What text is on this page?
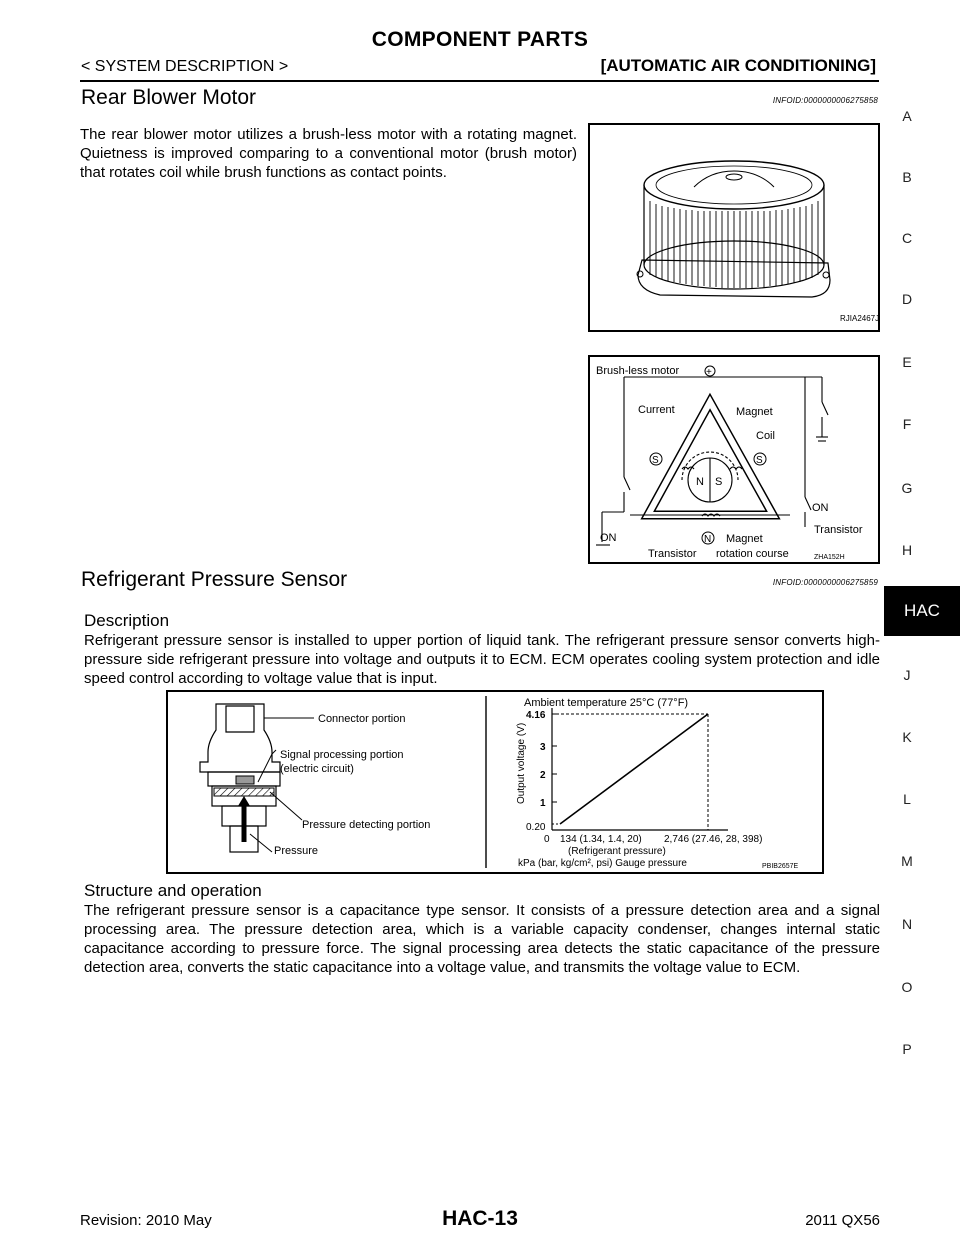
COMPONENT PARTS
< SYSTEM DESCRIPTION >	[AUTOMATIC AIR CONDITIONING]
Rear Blower Motor	INFOID:0000000006275858
The rear blower motor utilizes a brush-less motor with a rotating magnet. Quietness is improved comparing to a conventional motor (brush motor) that rotates coil while brush functions as contact points.
RJIA2467J
+
Brush-less motor
Current	Magnet
Coil
N S
ON
Transistor
ON
Transistor
Magnet
rotation course
S	S
N
ZHA152H
Refrigerant Pressure Sensor	INFOID:0000000006275859
Description
Refrigerant pressure sensor is installed to upper portion of liquid tank. The refrigerant pressure sensor converts high-pressure side refrigerant pressure into voltage and outputs it to ECM. ECM operates cooling system protection and idle speed control according to voltage value that is input.
Connector portion
Signal processing portion
(electric circuit)
Pressure detecting portion
Pressure
Ambient temperature 25°C (77°F)
Output voltage (V)
4.16
3
2
1
0.20
0 134 (1.34, 1.4, 20) 2,746 (27.46, 28, 398)
(Refrigerant pressure)
kPa (bar, kg/cm², psi) Gauge pressure	PBIB2657E
Structure and operation
The refrigerant pressure sensor is a capacitance type sensor. It consists of a pressure detection area and a signal processing area. The pressure detection area, which is a variable capacity condenser, changes internal static capacitance according to pressure force. The signal processing area detects the static capacitance of the pressure detection area, converts the static capacitance into a voltage value, and transmits the voltage value to ECM.
A
B
C
D
E
F
G
H
HAC
J
K
L
M
N
O
P
Revision: 2010 May	HAC-13	2011 QX56
